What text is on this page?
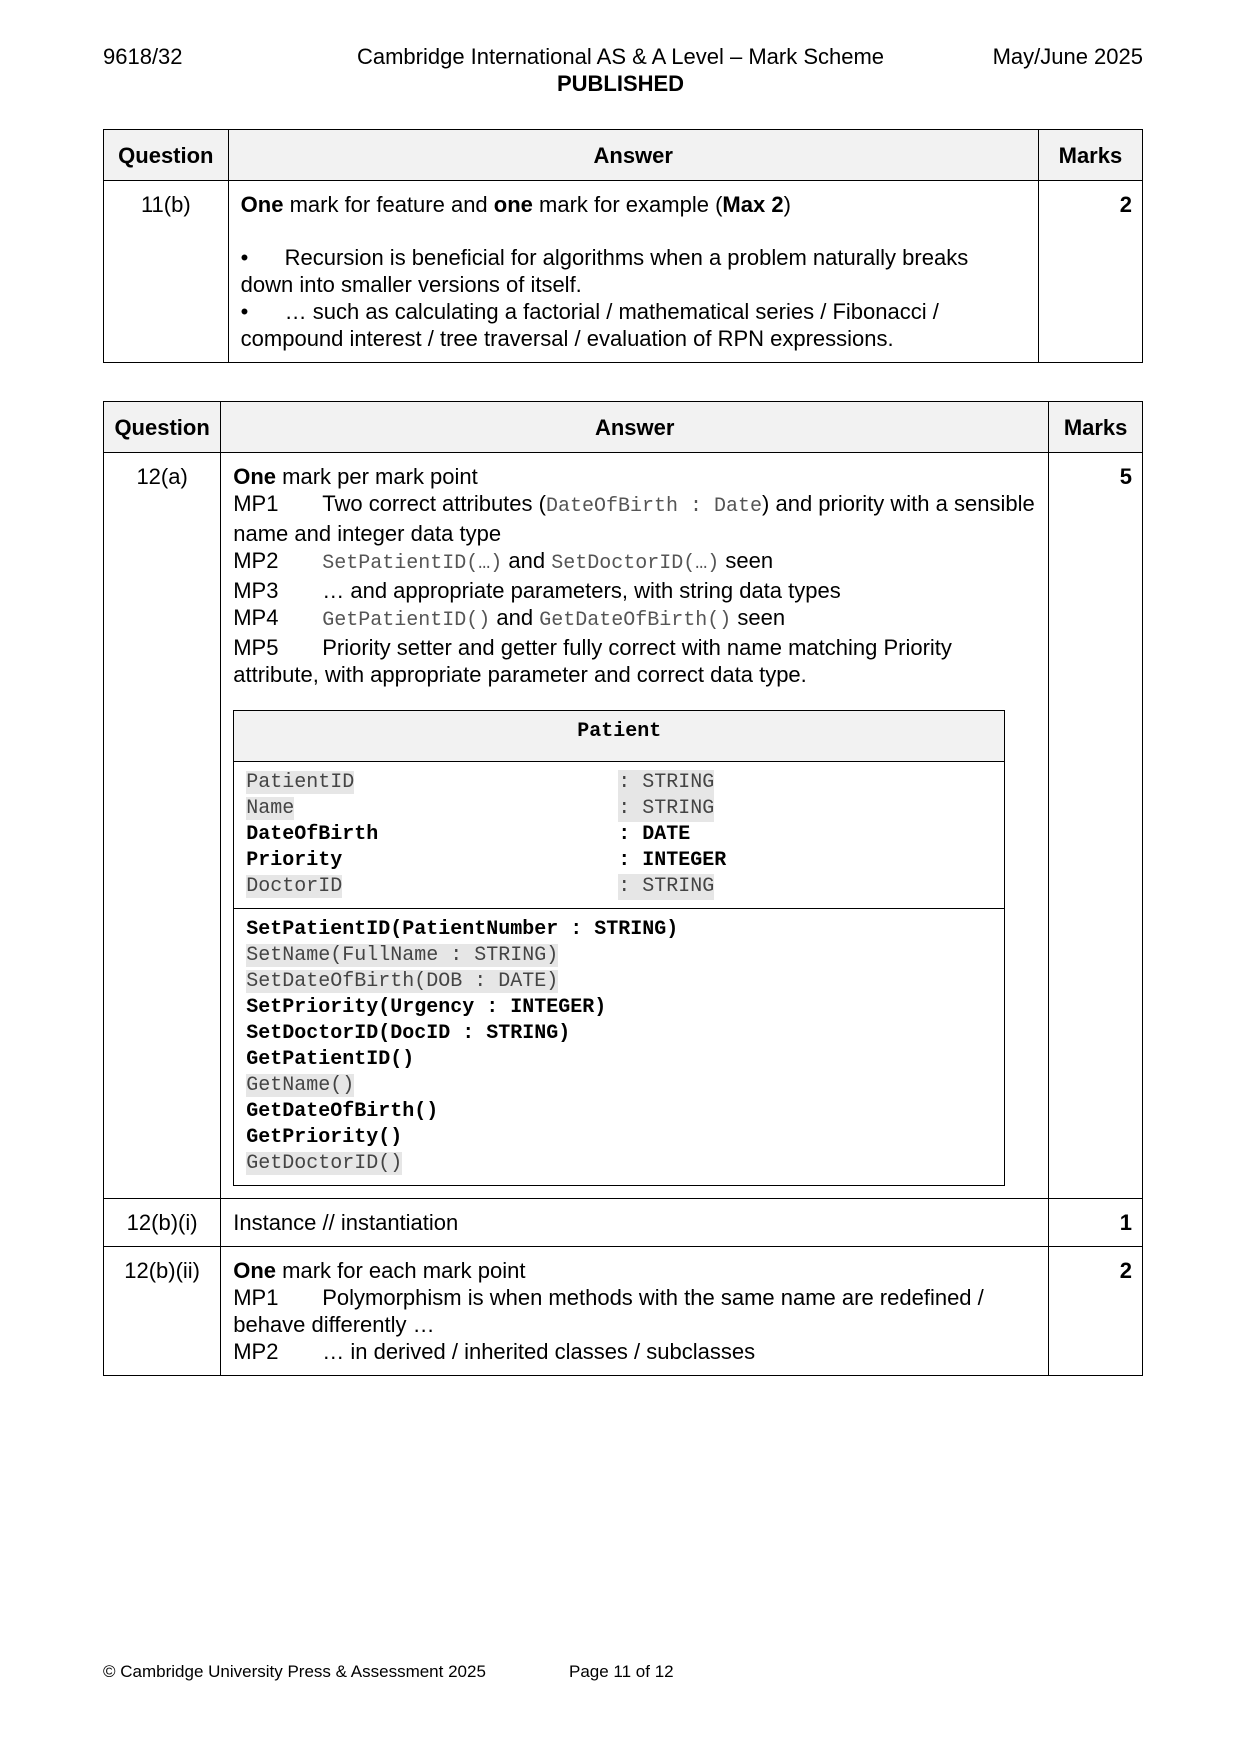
9618/32	Cambridge International AS & A Level – Mark Scheme	May/June 2025
PUBLISHED
Question	Answer	Marks
11(b)	One mark for feature and one mark for example (Max 2)
• Recursion is beneficial for algorithms when a problem naturally breaks down into smaller versions of itself.
• … such as calculating a factorial / mathematical series / Fibonacci / compound interest / tree traversal / evaluation of RPN expressions.	2
Question	Answer	Marks
12(a)	One mark per mark point
MP1 Two correct attributes (DateOfBirth : Date) and priority with a sensible name and integer data type
MP2 SetPatientID(…) and SetDoctorID(…) seen
MP3 … and appropriate parameters, with string data types
MP4 GetPatientID() and GetDateOfBirth() seen
MP5 Priority setter and getter fully correct with name matching Priority attribute, with appropriate parameter and correct data type.
Patient

PatientID	: STRING
Name	: STRING
DateOfBirth	: DATE
Priority	: INTEGER
DoctorID	: STRING

SetPatientID(PatientNumber : STRING)
SetName(FullName : STRING)
SetDateOfBirth(DOB : DATE)
SetPriority(Urgency : INTEGER)
SetDoctorID(DocID : STRING)
GetPatientID()
GetName()
GetDateOfBirth()
GetPriority()
GetDoctorID()
	5
12(b)(i)	Instance // instantiation	1
12(b)(ii)	One mark for each mark point
MP1 Polymorphism is when methods with the same name are redefined / behave differently …
MP2 … in derived / inherited classes / subclasses
	2
© Cambridge University Press & Assessment 2025	Page 11 of 12
